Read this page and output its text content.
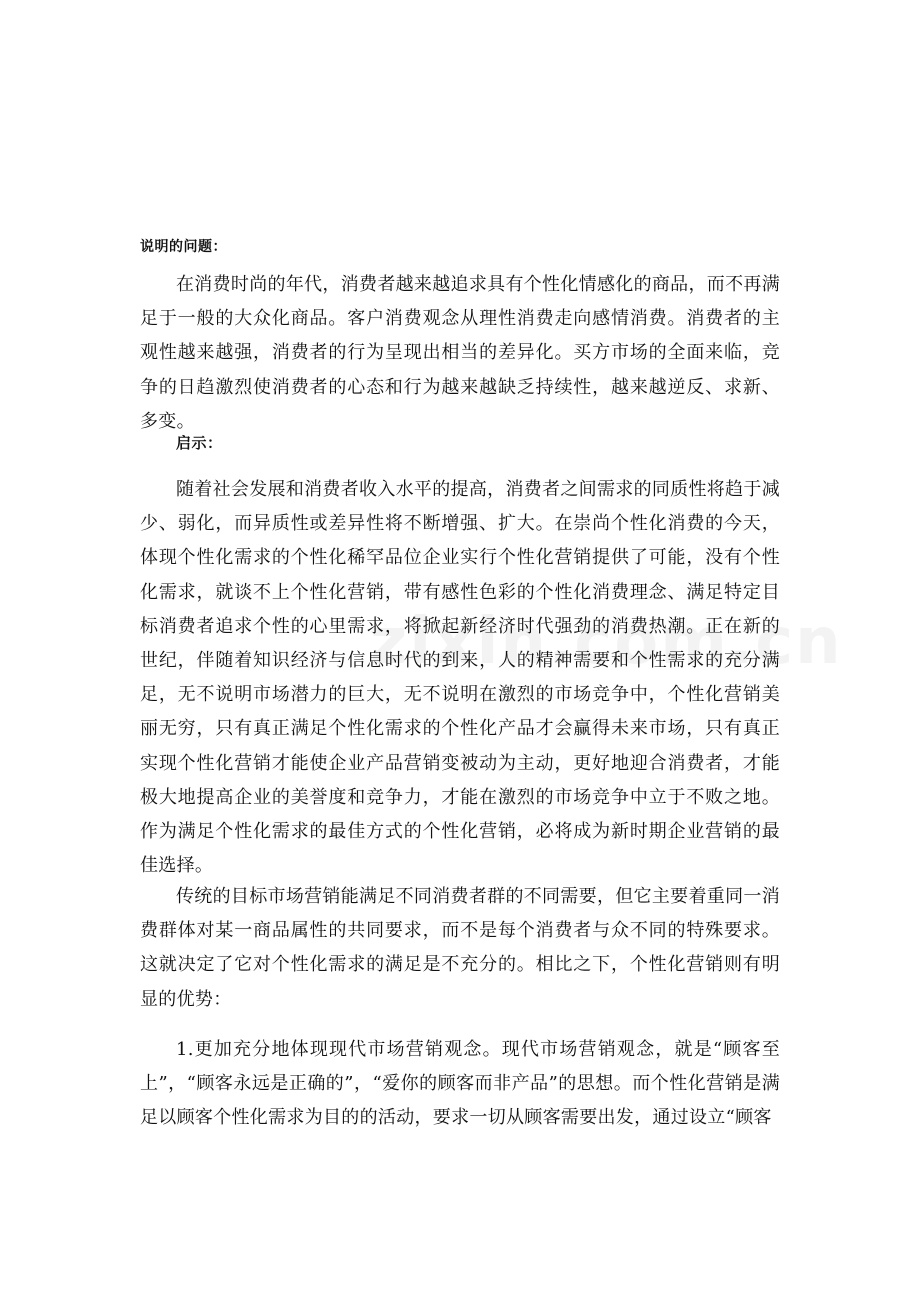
说明的问题：

在消费时尚的年代，消费者越来越追求具有个性化情感化的商品，而不再满足于一般的大众化商品。客户消费观念从理性消费走向感情消费。消费者的主观性越来越强，消费者的行为呈现出相当的差异化。买方市场的全面来临，竞争的日趋激烈使消费者的心态和行为越来越缺乏持续性，越来越逆反、求新、多变。

启示：

随着社会发展和消费者收入水平的提高，消费者之间需求的同质性将趋于减少、弱化，而异质性或差异性将不断增强、扩大。在崇尚个性化消费的今天，体现个性化需求的个性化稀罕品位企业实行个性化营销提供了可能，没有个性化需求，就谈不上个性化营销，带有感性色彩的个性化消费理念、满足特定目标消费者追求个性的心里需求，将掀起新经济时代强劲的消费热潮。正在新的世纪，伴随着知识经济与信息时代的到来，人的精神需要和个性需求的充分满足，无不说明市场潜力的巨大，无不说明在激烈的市场竞争中，个性化营销美丽无穷，只有真正满足个性化需求的个性化产品才会赢得未来市场，只有真正实现个性化营销才能使企业产品营销变被动为主动，更好地迎合消费者，才能极大地提高企业的美誉度和竞争力，才能在激烈的市场竞争中立于不败之地。作为满足个性化需求的最佳方式的个性化营销，必将成为新时期企业营销的最佳选择。

传统的目标市场营销能满足不同消费者群的不同需要，但它主要着重同一消费群体对某一商品属性的共同要求，而不是每个消费者与众不同的特殊要求。这就决定了它对个性化需求的满足是不充分的。相比之下，个性化营销则有明显的优势：

1.更加充分地体现现代市场营销观念。现代市场营销观念，就是“顾客至上”，“顾客永远是正确的”，“爱你的顾客而非产品”的思想。而个性化营销是满足以顾客个性化需求为目的的活动，要求一切从顾客需要出发，通过设立“顾客
